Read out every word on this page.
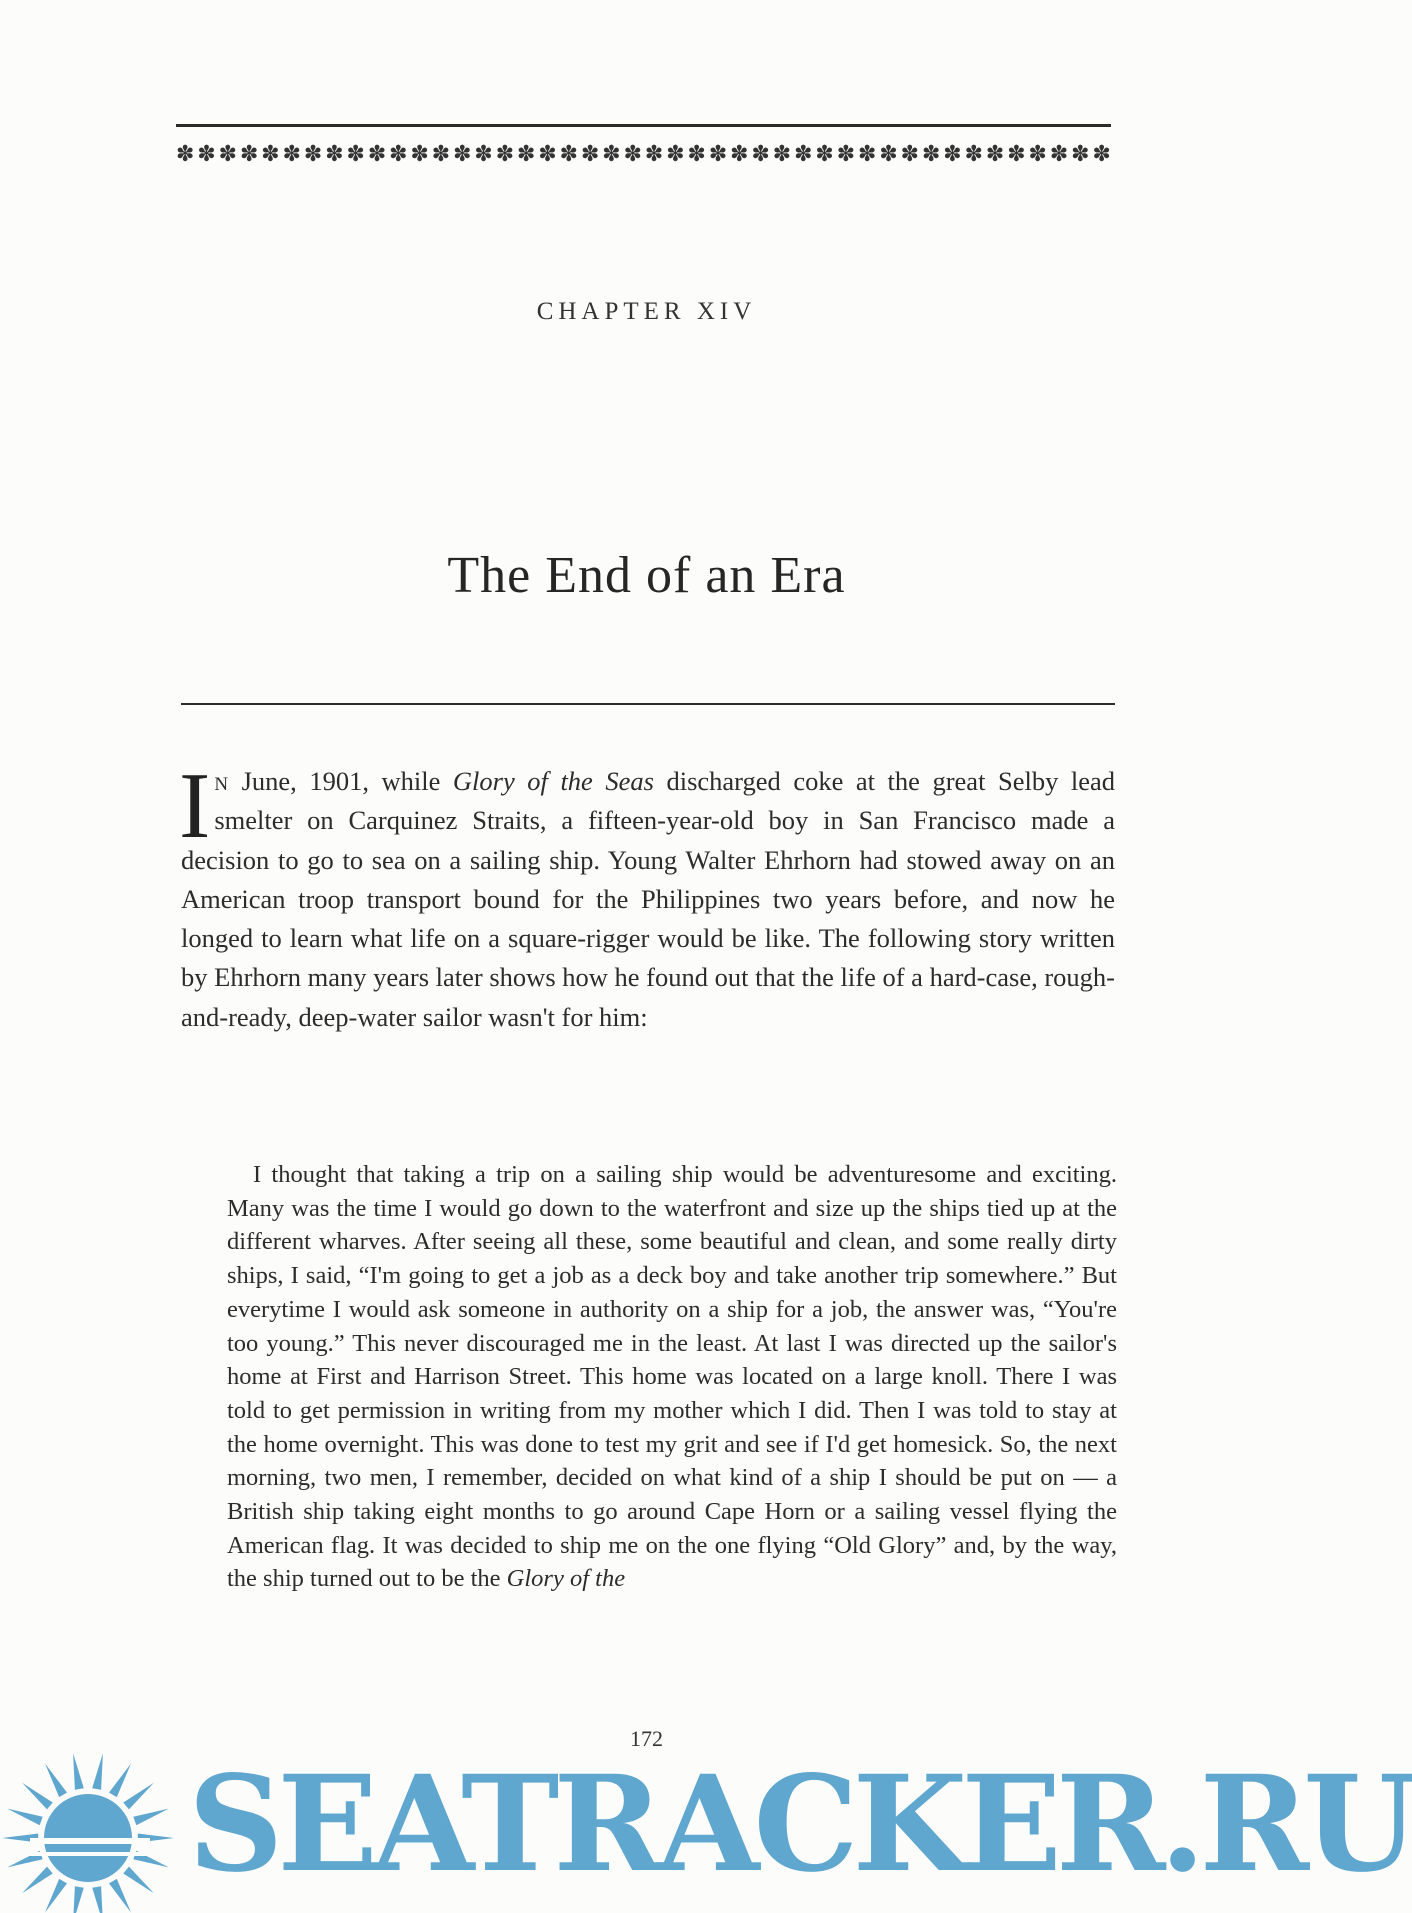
✽ ✽ ✽ ✽ ✽ ✽ ✽ ✽ ✽ ✽ ✽ ✽ ✽ ✽ ✽ ✽ ✽ ✽ ✽ ✽ ✽ ✽ ✽ ✽ ✽ ✽ ✽ ✽ ✽ ✽ ✽ ✽ ✽ ✽ ✽ ✽ ✽ ✽ ✽ ✽ ✽ ✽ ✽ ✽
CHAPTER XIV
The End of an Era
In June, 1901, while Glory of the Seas discharged coke at the great Selby lead smelter on Carquinez Straits, a fifteen-year-old boy in San Francisco made a decision to go to sea on a sailing ship. Young Walter Ehrhorn had stowed away on an American troop transport bound for the Philippines two years before, and now he longed to learn what life on a square-rigger would be like. The following story written by Ehrhorn many years later shows how he found out that the life of a hard-case, rough-and-ready, deep-water sailor wasn't for him:
I thought that taking a trip on a sailing ship would be adventuresome and exciting. Many was the time I would go down to the waterfront and size up the ships tied up at the different wharves. After seeing all these, some beautiful and clean, and some really dirty ships, I said, “I'm going to get a job as a deck boy and take another trip somewhere.” But everytime I would ask someone in authority on a ship for a job, the answer was, “You're too young.” This never discouraged me in the least. At last I was directed up the sailor's home at First and Harrison Street. This home was located on a large knoll. There I was told to get permission in writing from my mother which I did. Then I was told to stay at the home overnight. This was done to test my grit and see if I'd get homesick. So, the next morning, two men, I remember, decided on what kind of a ship I should be put on — a British ship taking eight months to go around Cape Horn or a sailing vessel flying the American flag. It was decided to ship me on the one flying “Old Glory” and, by the way, the ship turned out to be the Glory of the
172
SEATRACKER.RU
